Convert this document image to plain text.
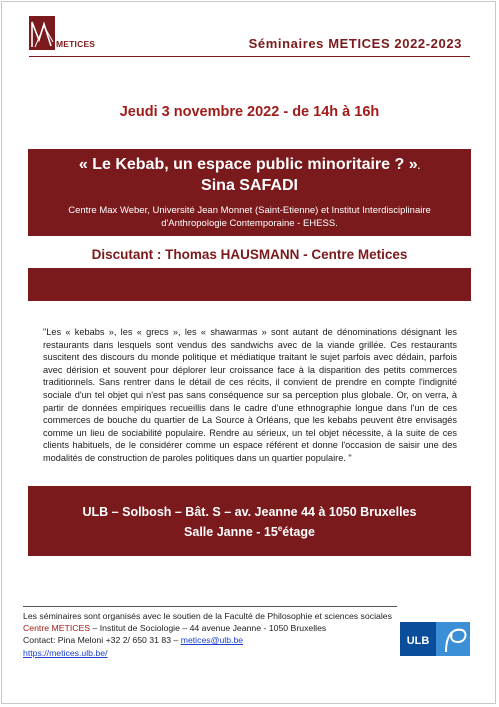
METICES	Séminaires METICES 2022-2023
Jeudi 3 novembre 2022 - de 14h à 16h
« Le Kebab, un espace public minoritaire ? ».
Sina SAFADI
Centre Max Weber, Université Jean Monnet (Saint-Etienne) et Institut Interdisciplinaire
d'Anthropologie Contemporaine - EHESS.
Discutant : Thomas HAUSMANN - Centre Metices
"Les « kebabs », les « grecs », les « shawarmas » sont autant de dénominations désignant les restaurants dans lesquels sont vendus des sandwichs avec de la viande grillée. Ces restaurants suscitent des discours du monde politique et médiatique traitant le sujet parfois avec dédain, parfois avec dérision et souvent pour déplorer leur croissance face à la disparition des petits commerces traditionnels. Sans rentrer dans le détail de ces récits, il convient de prendre en compte l'indignité sociale d'un tel objet qui n'est pas sans conséquence sur sa perception plus globale. Or, on verra, à partir de données empiriques recueillis dans le cadre d'une ethnographie longue dans l'un de ces commerces de bouche du quartier de La Source à Orléans, que les kebabs peuvent être envisagés comme un lieu de sociabilité populaire. Rendre au sérieux, un tel objet nécessite, à la suite de ces clients habituels, de le considérer comme un espace référent et donne l'occasion de saisir une des modalités de construction de paroles politiques dans un quartier populaire. "
ULB – Solbosh – Bât. S – av. Jeanne 44 à 1050 Bruxelles
Salle Janne - 15eétage
Les séminaires sont organisés avec le soutien de la Faculté de Philosophie et sciences sociales
Centre METICES – Institut de Sociologie – 44 avenue Jeanne - 1050 Bruxelles
Contact: Pina Meloni +32 2/ 650 31 83 – metices@ulb.be
https://metices.ulb.be/
ULB
